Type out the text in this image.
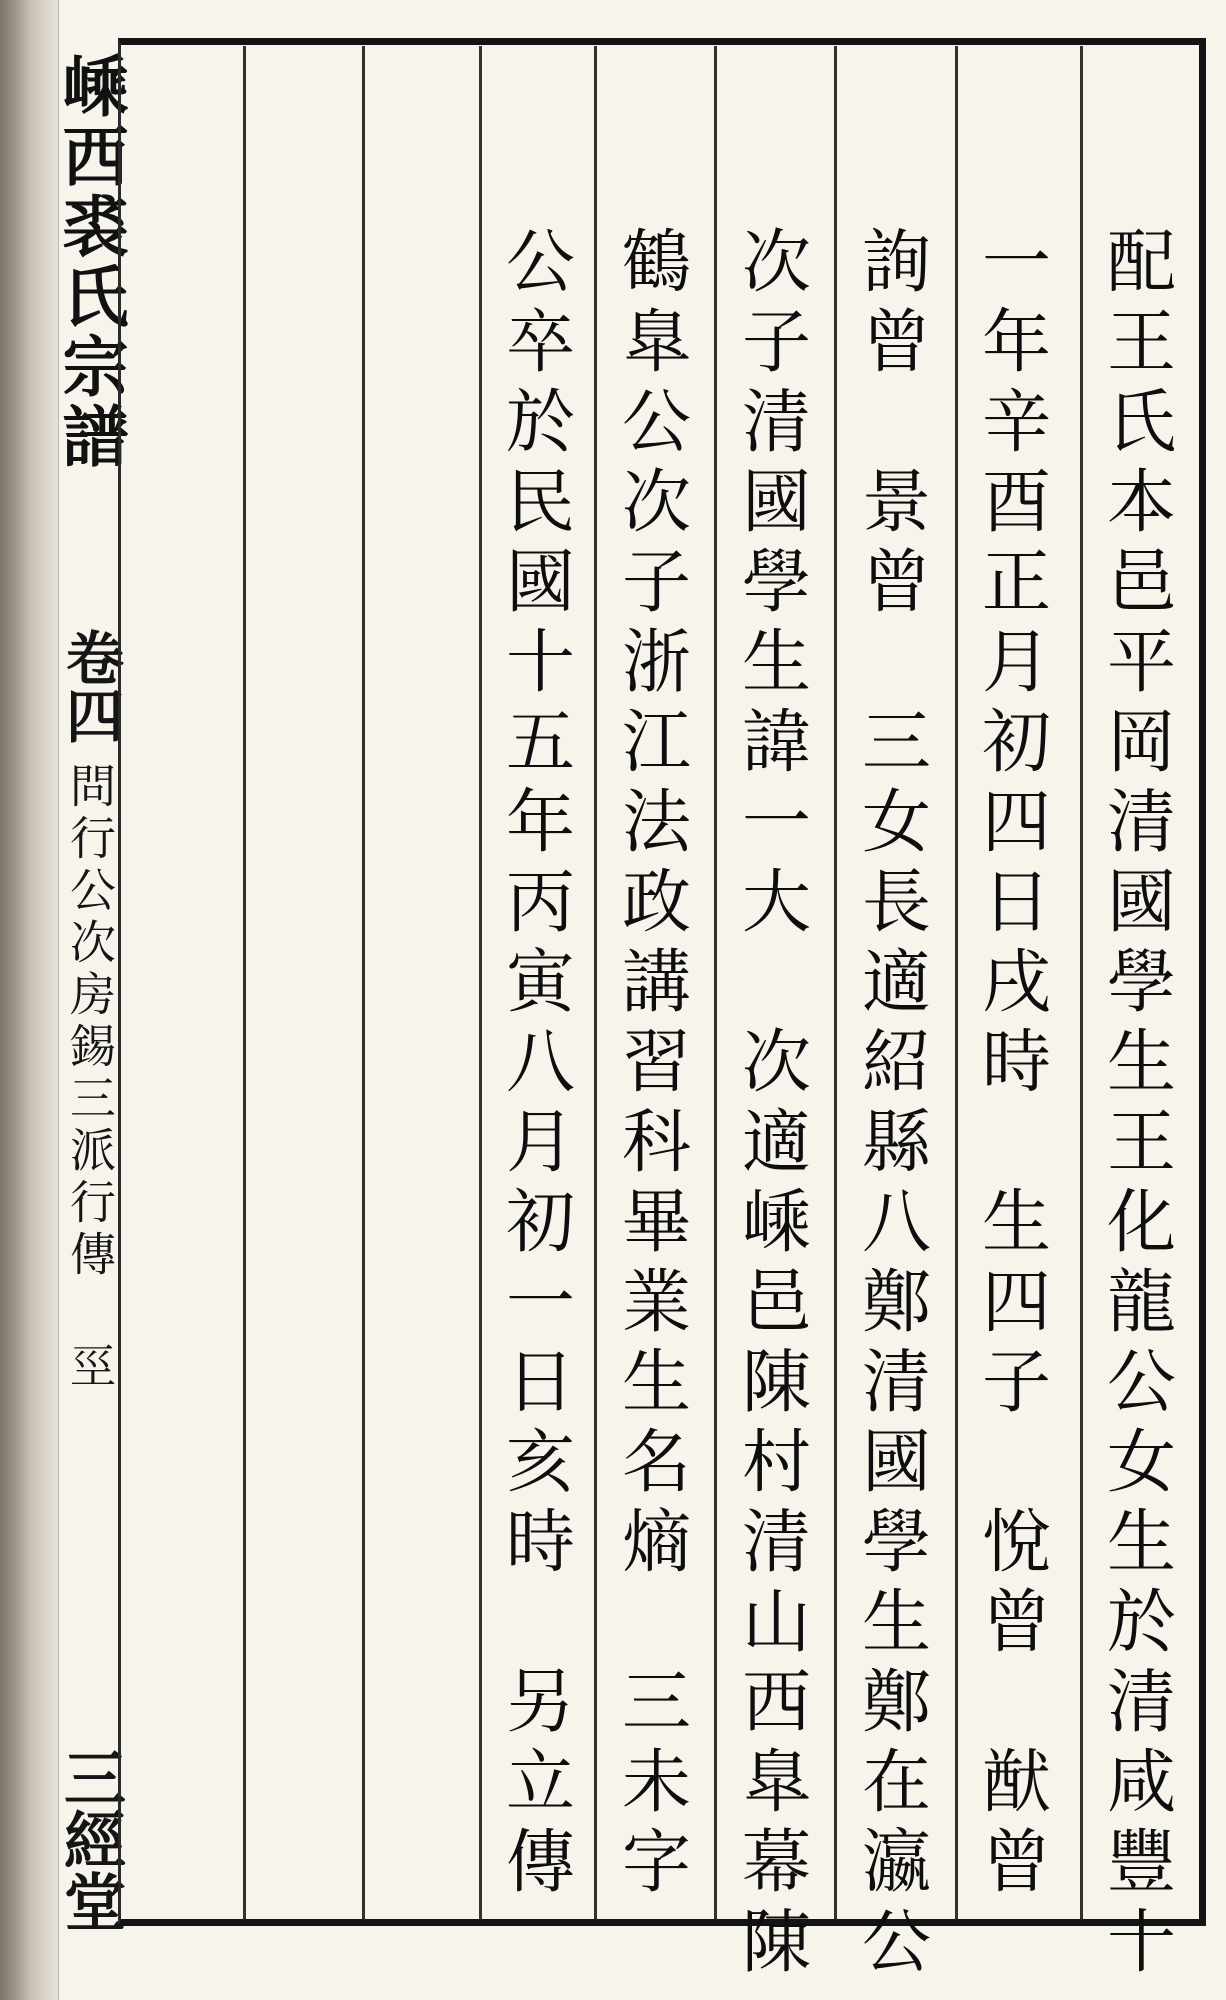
嵊西裘氏宗譜
卷四
問行公次房錫三派行傳 巠
三經堂	配王氏本邑平岡清國學生王化龍公女生於清咸豐十
一年辛酉正月初四日戌時　生四子　悅曾　猷曾
詢曾　景曾　三女長適紹縣八鄭清國學生鄭在瀛公
次子清國學生諱一大　次適嵊邑陳村清山西臯幕陳
鶴臯公次子浙江法政講習科畢業生名熵　三未字
公卒於民國十五年丙寅八月初一日亥時　另立傳
